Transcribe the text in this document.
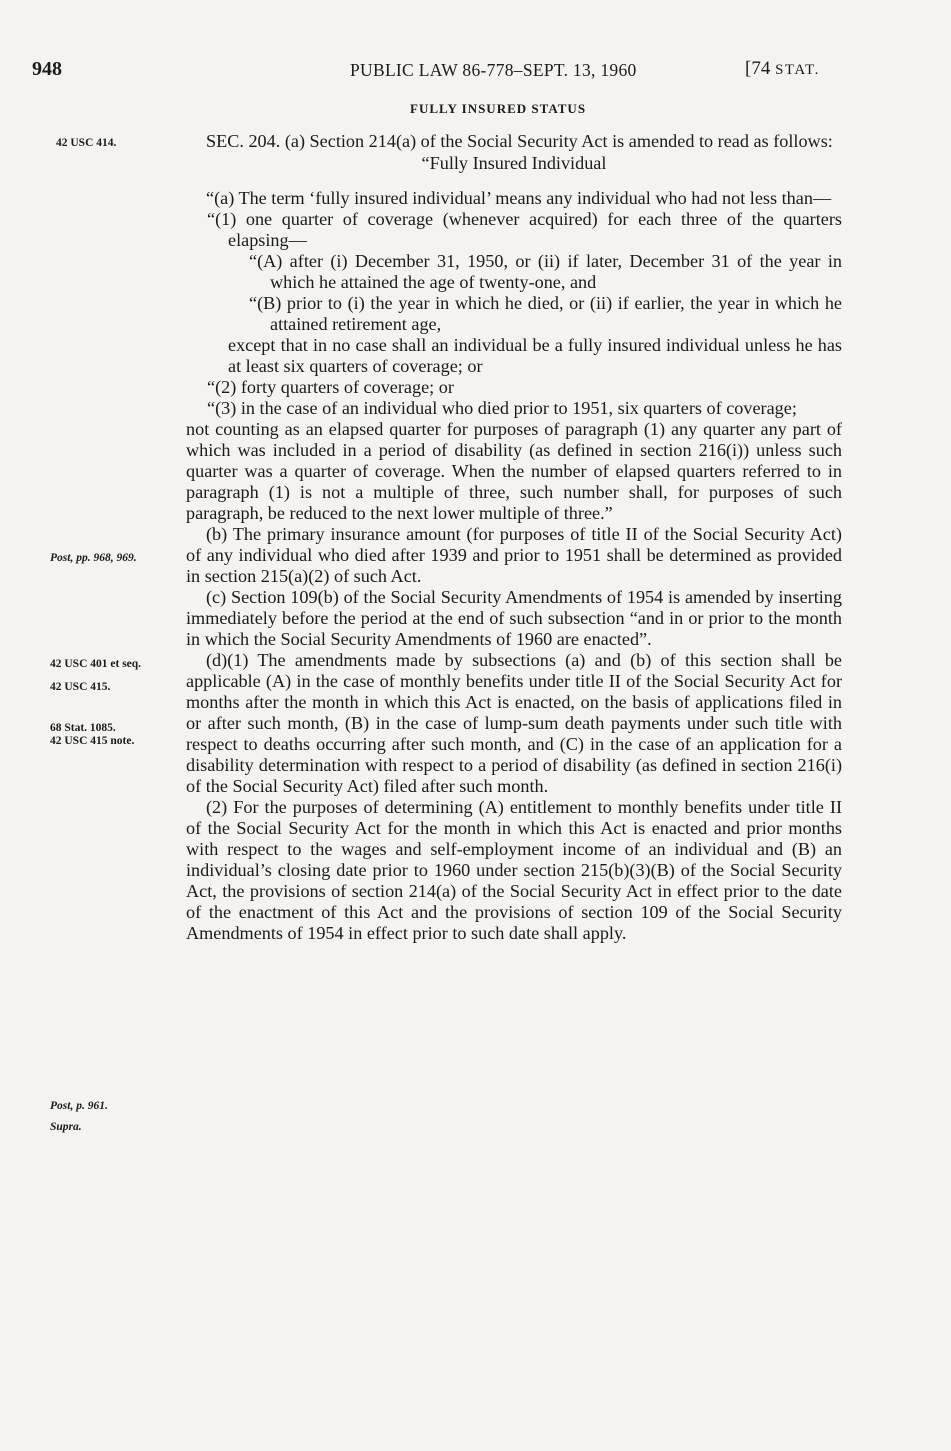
948	PUBLIC LAW 86-778–SEPT. 13, 1960	[74 STAT.
FULLY INSURED STATUS
42 USC 414.
Post, pp. 968, 969.
42 USC 401 et seq.
42 USC 415.
68 Stat. 1085.
42 USC 415 note.
Post, p. 961.
Supra.

SEC. 204. (a) Section 214(a) of the Social Security Act is amended to read as follows:

“Fully Insured Individual

“(a) The term ‘fully insured individual’ means any individual who had not less than—

“(1) one quarter of coverage (whenever acquired) for each three of the quarters elapsing—

“(A) after (i) December 31, 1950, or (ii) if later, December 31 of the year in which he attained the age of twenty-one, and

“(B) prior to (i) the year in which he died, or (ii) if earlier, the year in which he attained retirement age,

except that in no case shall an individual be a fully insured individual unless he has at least six quarters of coverage; or

“(2) forty quarters of coverage; or

“(3) in the case of an individual who died prior to 1951, six quarters of coverage;

not counting as an elapsed quarter for purposes of paragraph (1) any quarter any part of which was included in a period of disability (as defined in section 216(i)) unless such quarter was a quarter of coverage. When the number of elapsed quarters referred to in paragraph (1) is not a multiple of three, such number shall, for purposes of such paragraph, be reduced to the next lower multiple of three.”

(b) The primary insurance amount (for purposes of title II of the Social Security Act) of any individual who died after 1939 and prior to 1951 shall be determined as provided in section 215(a)(2) of such Act.

(c) Section 109(b) of the Social Security Amendments of 1954 is amended by inserting immediately before the period at the end of such subsection “and in or prior to the month in which the Social Security Amendments of 1960 are enacted”.

(d)(1) The amendments made by subsections (a) and (b) of this section shall be applicable (A) in the case of monthly benefits under title II of the Social Security Act for months after the month in which this Act is enacted, on the basis of applications filed in or after such month, (B) in the case of lump-sum death payments under such title with respect to deaths occurring after such month, and (C) in the case of an application for a disability determination with respect to a period of disability (as defined in section 216(i) of the Social Security Act) filed after such month.

(2) For the purposes of determining (A) entitlement to monthly benefits under title II of the Social Security Act for the month in which this Act is enacted and prior months with respect to the wages and self-employment income of an individual and (B) an individual’s closing date prior to 1960 under section 215(b)(3)(B) of the Social Security Act, the provisions of section 214(a) of the Social Security Act in effect prior to the date of the enactment of this Act and the provisions of section 109 of the Social Security Amendments of 1954 in effect prior to such date shall apply.
